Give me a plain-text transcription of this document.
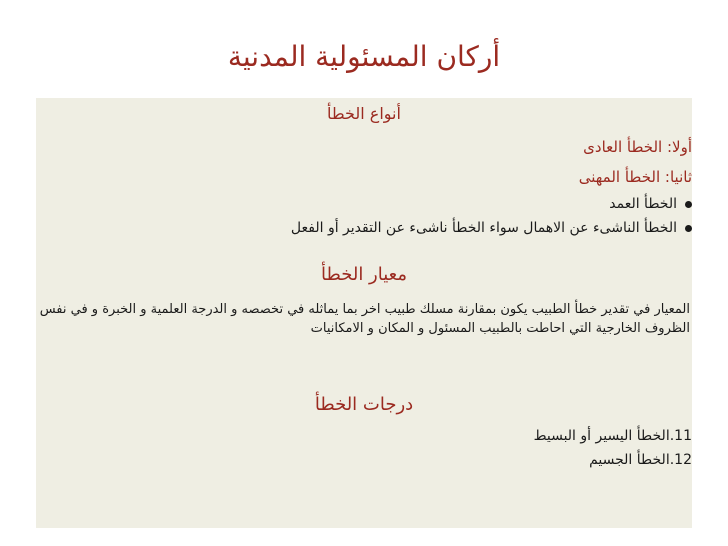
أركان المسئولية المدنية
أنواع الخطأ
أولا: الخطأ العادى
ثانيا: الخطأ المهنى
الخطأ العمد
الخطأ الناشىء عن الاهمال سواء الخطأ ناشىء عن التقدير أو الفعل
معيار الخطأ
المعيار في تقدير خطأ الطبيب يكون بمقارنة مسلك طبيب اخر بما يماثله في تخصصه و الدرجة العلمية و الخبرة و في نفس الظروف الخارجية التي احاطت بالطبيب المسئول و المكان و الامكانيات
درجات الخطأ
11.الخطأ اليسير أو البسيط
12.الخطأ الجسيم
